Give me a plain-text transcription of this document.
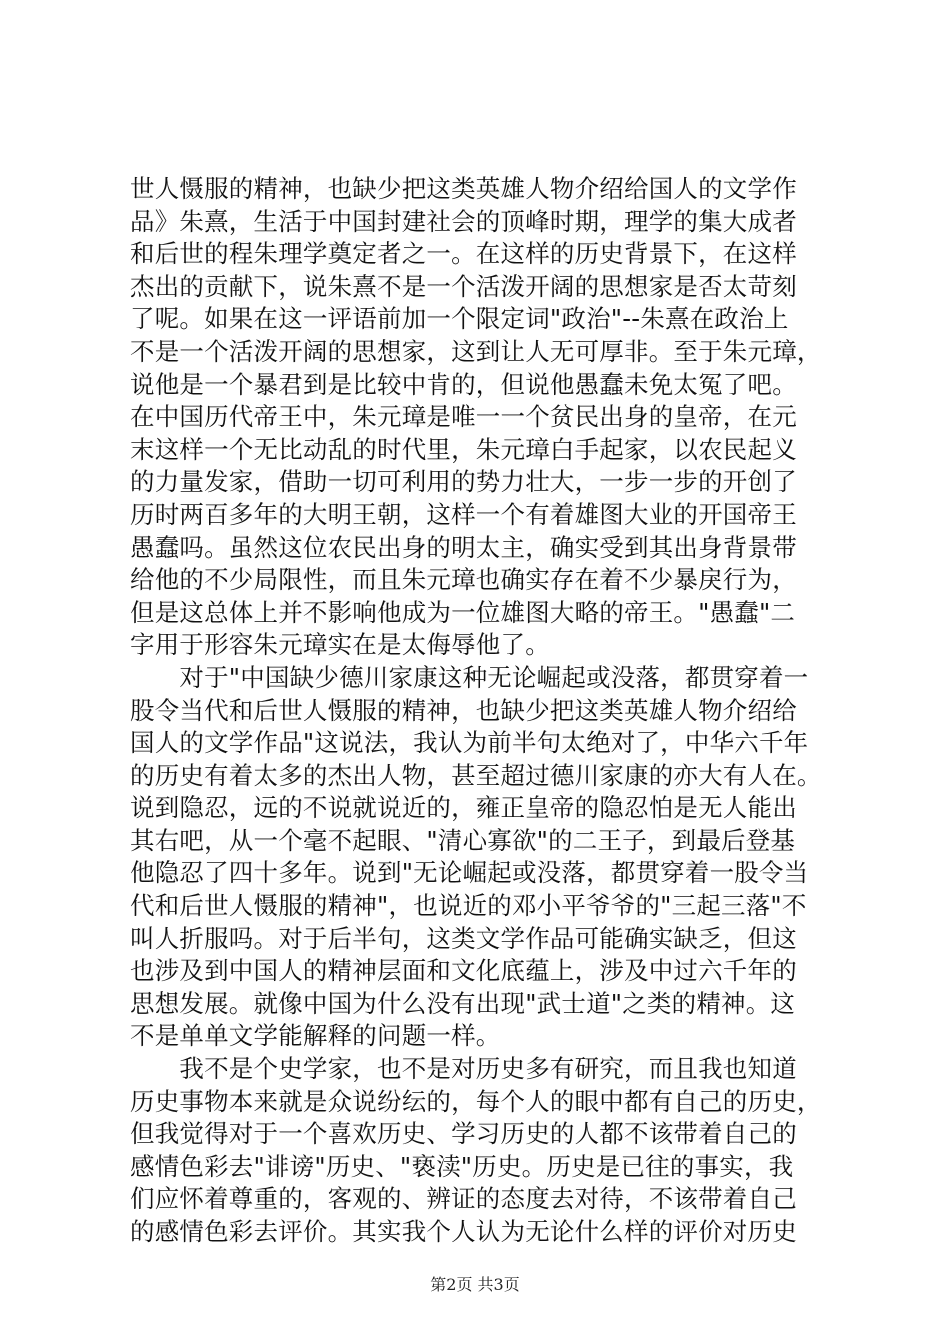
世人慑服的精神，也缺少把这类英雄人物介绍给国人的文学作
品》朱熹，生活于中国封建社会的顶峰时期，理学的集大成者
和后世的程朱理学奠定者之一。在这样的历史背景下，在这样
杰出的贡献下，说朱熹不是一个活泼开阔的思想家是否太苛刻
了呢。如果在这一评语前加一个限定词"政治"--朱熹在政治上
不是一个活泼开阔的思想家，这到让人无可厚非。至于朱元璋，
说他是一个暴君到是比较中肯的，但说他愚蠢未免太冤了吧。
在中国历代帝王中，朱元璋是唯一一个贫民出身的皇帝，在元
末这样一个无比动乱的时代里，朱元璋白手起家，以农民起义
的力量发家，借助一切可利用的势力壮大，一步一步的开创了
历时两百多年的大明王朝，这样一个有着雄图大业的开国帝王
愚蠢吗。虽然这位农民出身的明太主，确实受到其出身背景带
给他的不少局限性，而且朱元璋也确实存在着不少暴戾行为，
但是这总体上并不影响他成为一位雄图大略的帝王。"愚蠢"二
字用于形容朱元璋实在是太侮辱他了。
　　对于"中国缺少德川家康这种无论崛起或没落，都贯穿着一
股令当代和后世人慑服的精神，也缺少把这类英雄人物介绍给
国人的文学作品"这说法，我认为前半句太绝对了，中华六千年
的历史有着太多的杰出人物，甚至超过德川家康的亦大有人在。
说到隐忍，远的不说就说近的，雍正皇帝的隐忍怕是无人能出
其右吧，从一个毫不起眼、"清心寡欲"的二王子，到最后登基
他隐忍了四十多年。说到"无论崛起或没落，都贯穿着一股令当
代和后世人慑服的精神"，也说近的邓小平爷爷的"三起三落"不
叫人折服吗。对于后半句，这类文学作品可能确实缺乏，但这
也涉及到中国人的精神层面和文化底蕴上，涉及中过六千年的
思想发展。就像中国为什么没有出现"武士道"之类的精神。这
不是单单文学能解释的问题一样。
　　我不是个史学家，也不是对历史多有研究，而且我也知道
历史事物本来就是众说纷纭的，每个人的眼中都有自己的历史，
但我觉得对于一个喜欢历史、学习历史的人都不该带着自己的
感情色彩去"诽谤"历史、"亵渎"历史。历史是已往的事实，我
们应怀着尊重的，客观的、辨证的态度去对待，不该带着自己
的感情色彩去评价。其实我个人认为无论什么样的评价对历史
第2页 共3页
